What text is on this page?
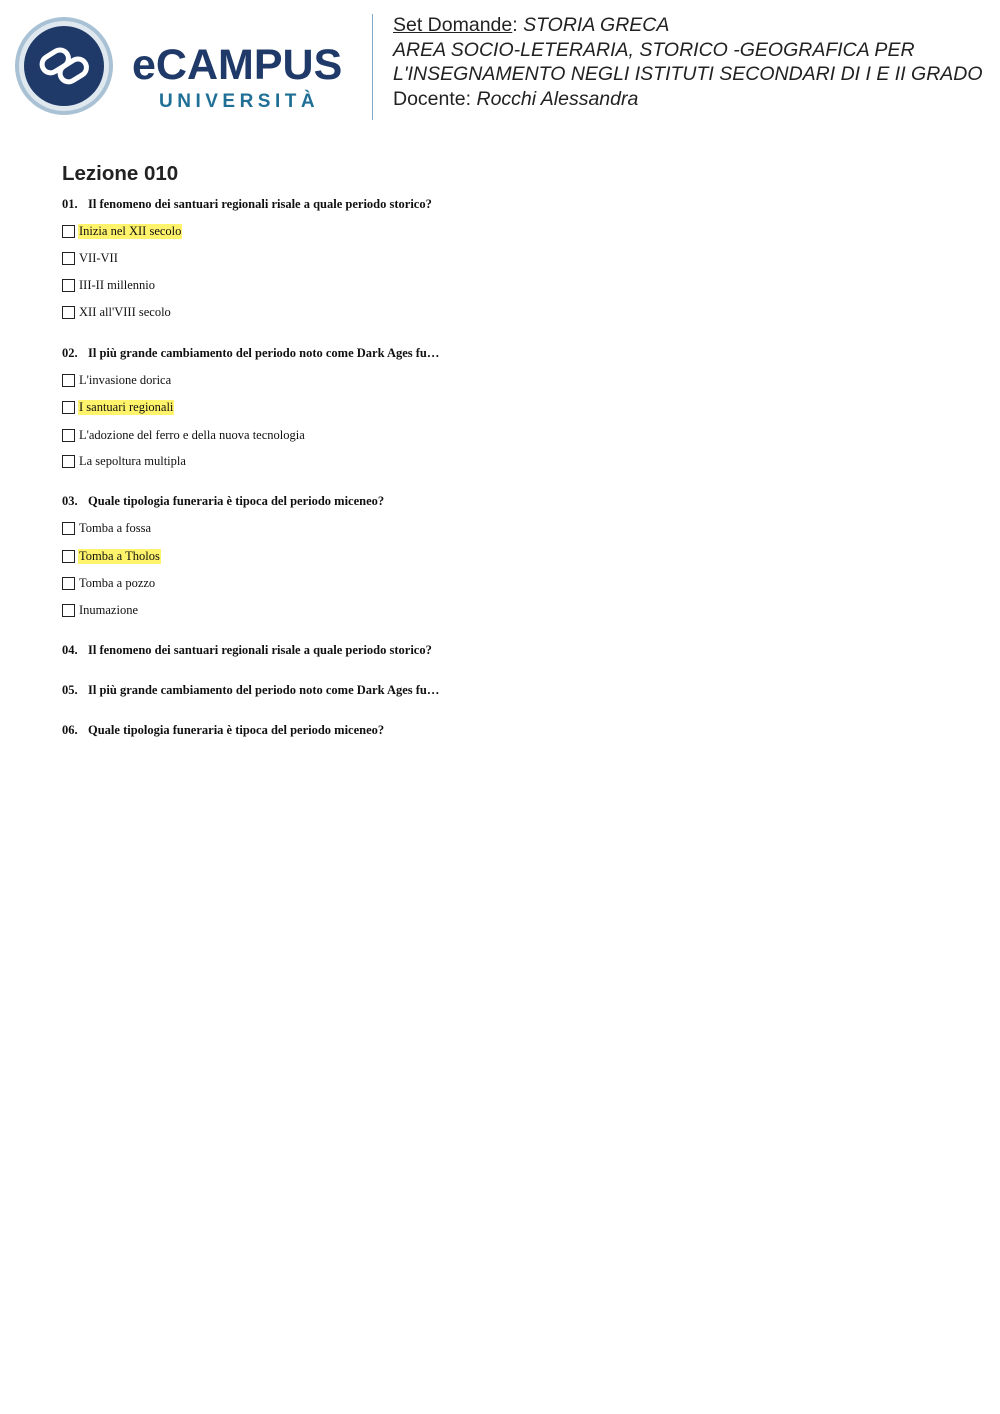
eCAMPUS
UNIVERSITÀ
Set Domande: STORIA GRECA
AREA SOCIO-LETERARIA, STORICO -GEOGRAFICA PER
L'INSEGNAMENTO NEGLI ISTITUTI SECONDARI DI I E II GRADO
Docente: Rocchi Alessandra
Lezione 010
01. Il fenomeno dei santuari regionali risale a quale periodo storico?
Inizia nel XII secolo
VII-VII
III-II millennio
XII all'VIII secolo
02. Il più grande cambiamento del periodo noto come Dark Ages fu…
L'invasione dorica
I santuari regionali
L'adozione del ferro e della nuova tecnologia
La sepoltura multipla
03. Quale tipologia funeraria è tipoca del periodo miceneo?
Tomba a fossa
Tomba a Tholos
Tomba a pozzo
Inumazione
04. Il fenomeno dei santuari regionali risale a quale periodo storico?
05. Il più grande cambiamento del periodo noto come Dark Ages fu…
06. Quale tipologia funeraria è tipoca del periodo miceneo?
